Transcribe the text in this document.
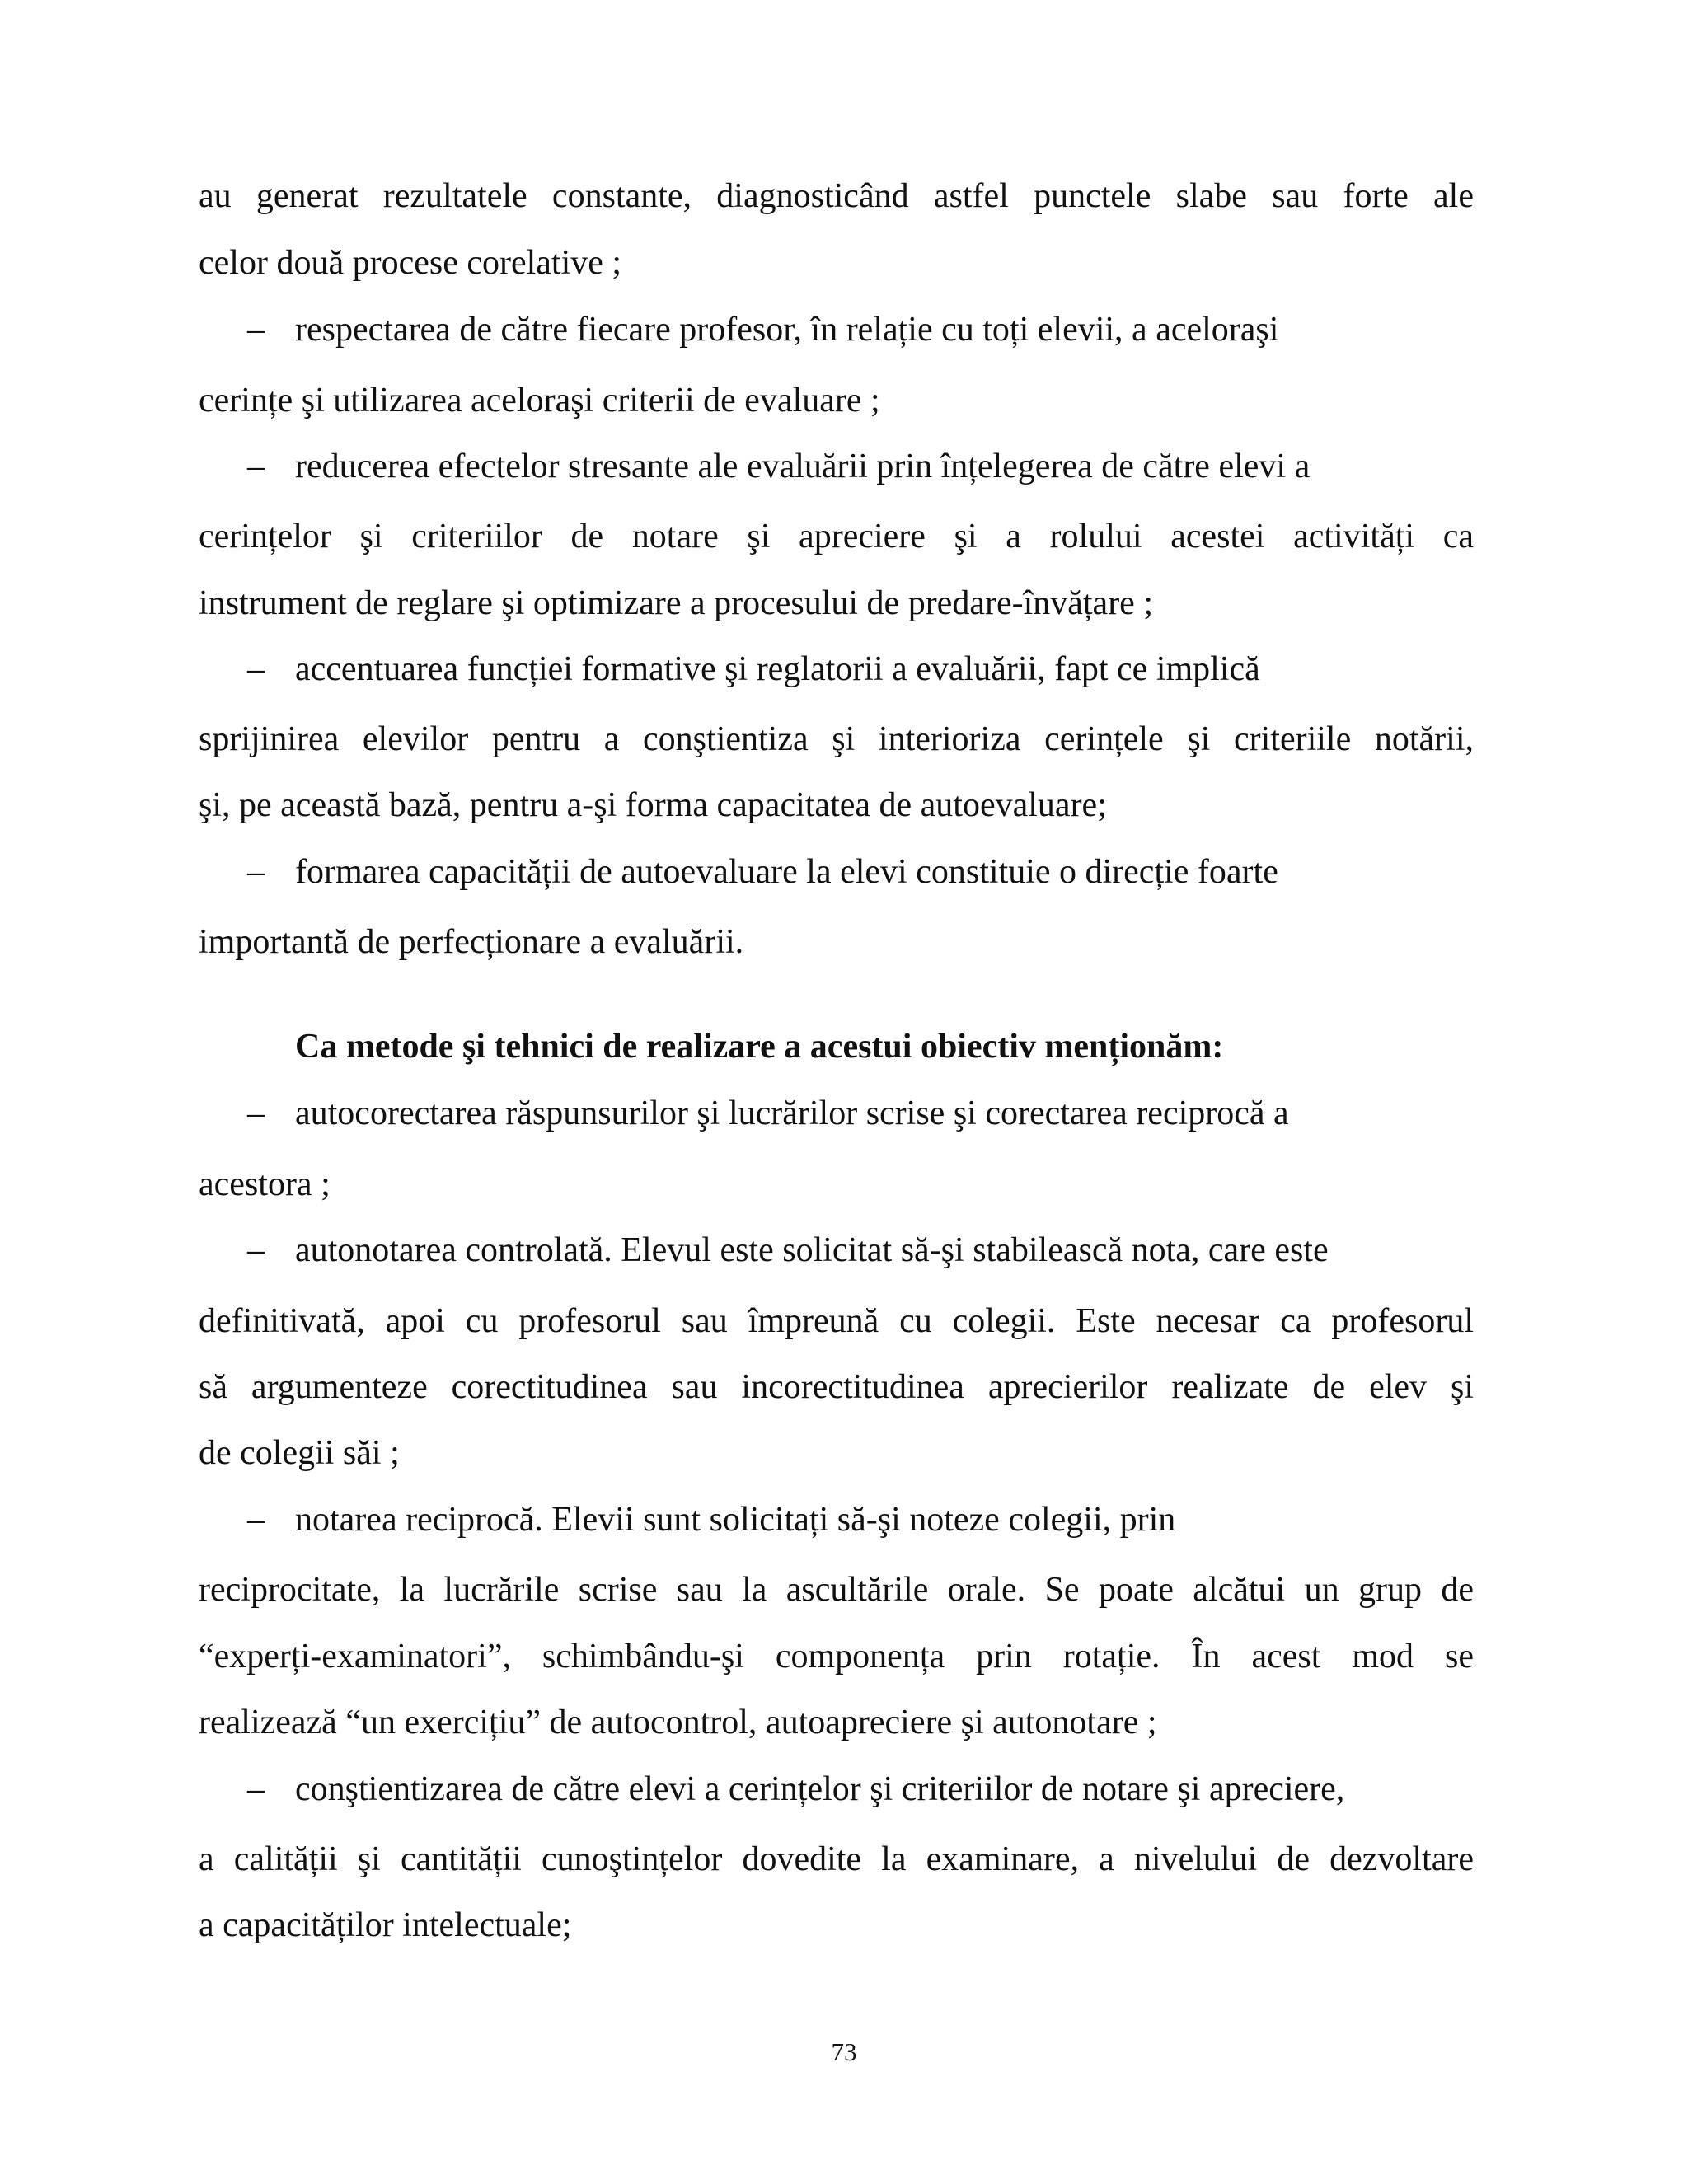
au generat rezultatele constante, diagnosticând astfel punctele slabe sau forte ale
celor două procese corelative ;
– respectarea de către fiecare profesor, în relație cu toți elevii, a aceloraşi
cerințe şi utilizarea aceloraşi criterii de evaluare ;
– reducerea efectelor stresante ale evaluării prin înțelegerea de către elevi a
cerințelor şi criteriilor de notare şi apreciere şi a rolului acestei activități ca
instrument de reglare şi optimizare a procesului de predare-învățare ;
– accentuarea funcției formative şi reglatorii a evaluării, fapt ce implică
sprijinirea elevilor pentru a conştientiza şi interioriza cerințele şi criteriile notării,
şi, pe această bază, pentru a-şi forma capacitatea de autoevaluare;
– formarea capacității de autoevaluare la elevi constituie o direcție foarte
importantă de perfecționare a evaluării.
Ca metode şi tehnici de realizare a acestui obiectiv menționăm:
– autocorectarea răspunsurilor şi lucrărilor scrise şi corectarea reciprocă a
acestora ;
– autonotarea controlată. Elevul este solicitat să-şi stabilească nota, care este
definitivată, apoi cu profesorul sau împreună cu colegii. Este necesar ca profesorul
să argumenteze corectitudinea sau incorectitudinea aprecierilor realizate de elev şi
de colegii săi ;
– notarea reciprocă. Elevii sunt solicitați să-şi noteze colegii, prin
reciprocitate, la lucrările scrise sau la ascultările orale. Se poate alcătui un grup de
“experți-examinatori”, schimbându-şi componența prin rotație. În acest mod se
realizează “un exercițiu” de autocontrol, autoapreciere şi autonotare ;
– conştientizarea de către elevi a cerințelor şi criteriilor de notare şi apreciere,
a calității şi cantității cunoştințelor dovedite la examinare, a nivelului de dezvoltare
a capacităților intelectuale;
73
